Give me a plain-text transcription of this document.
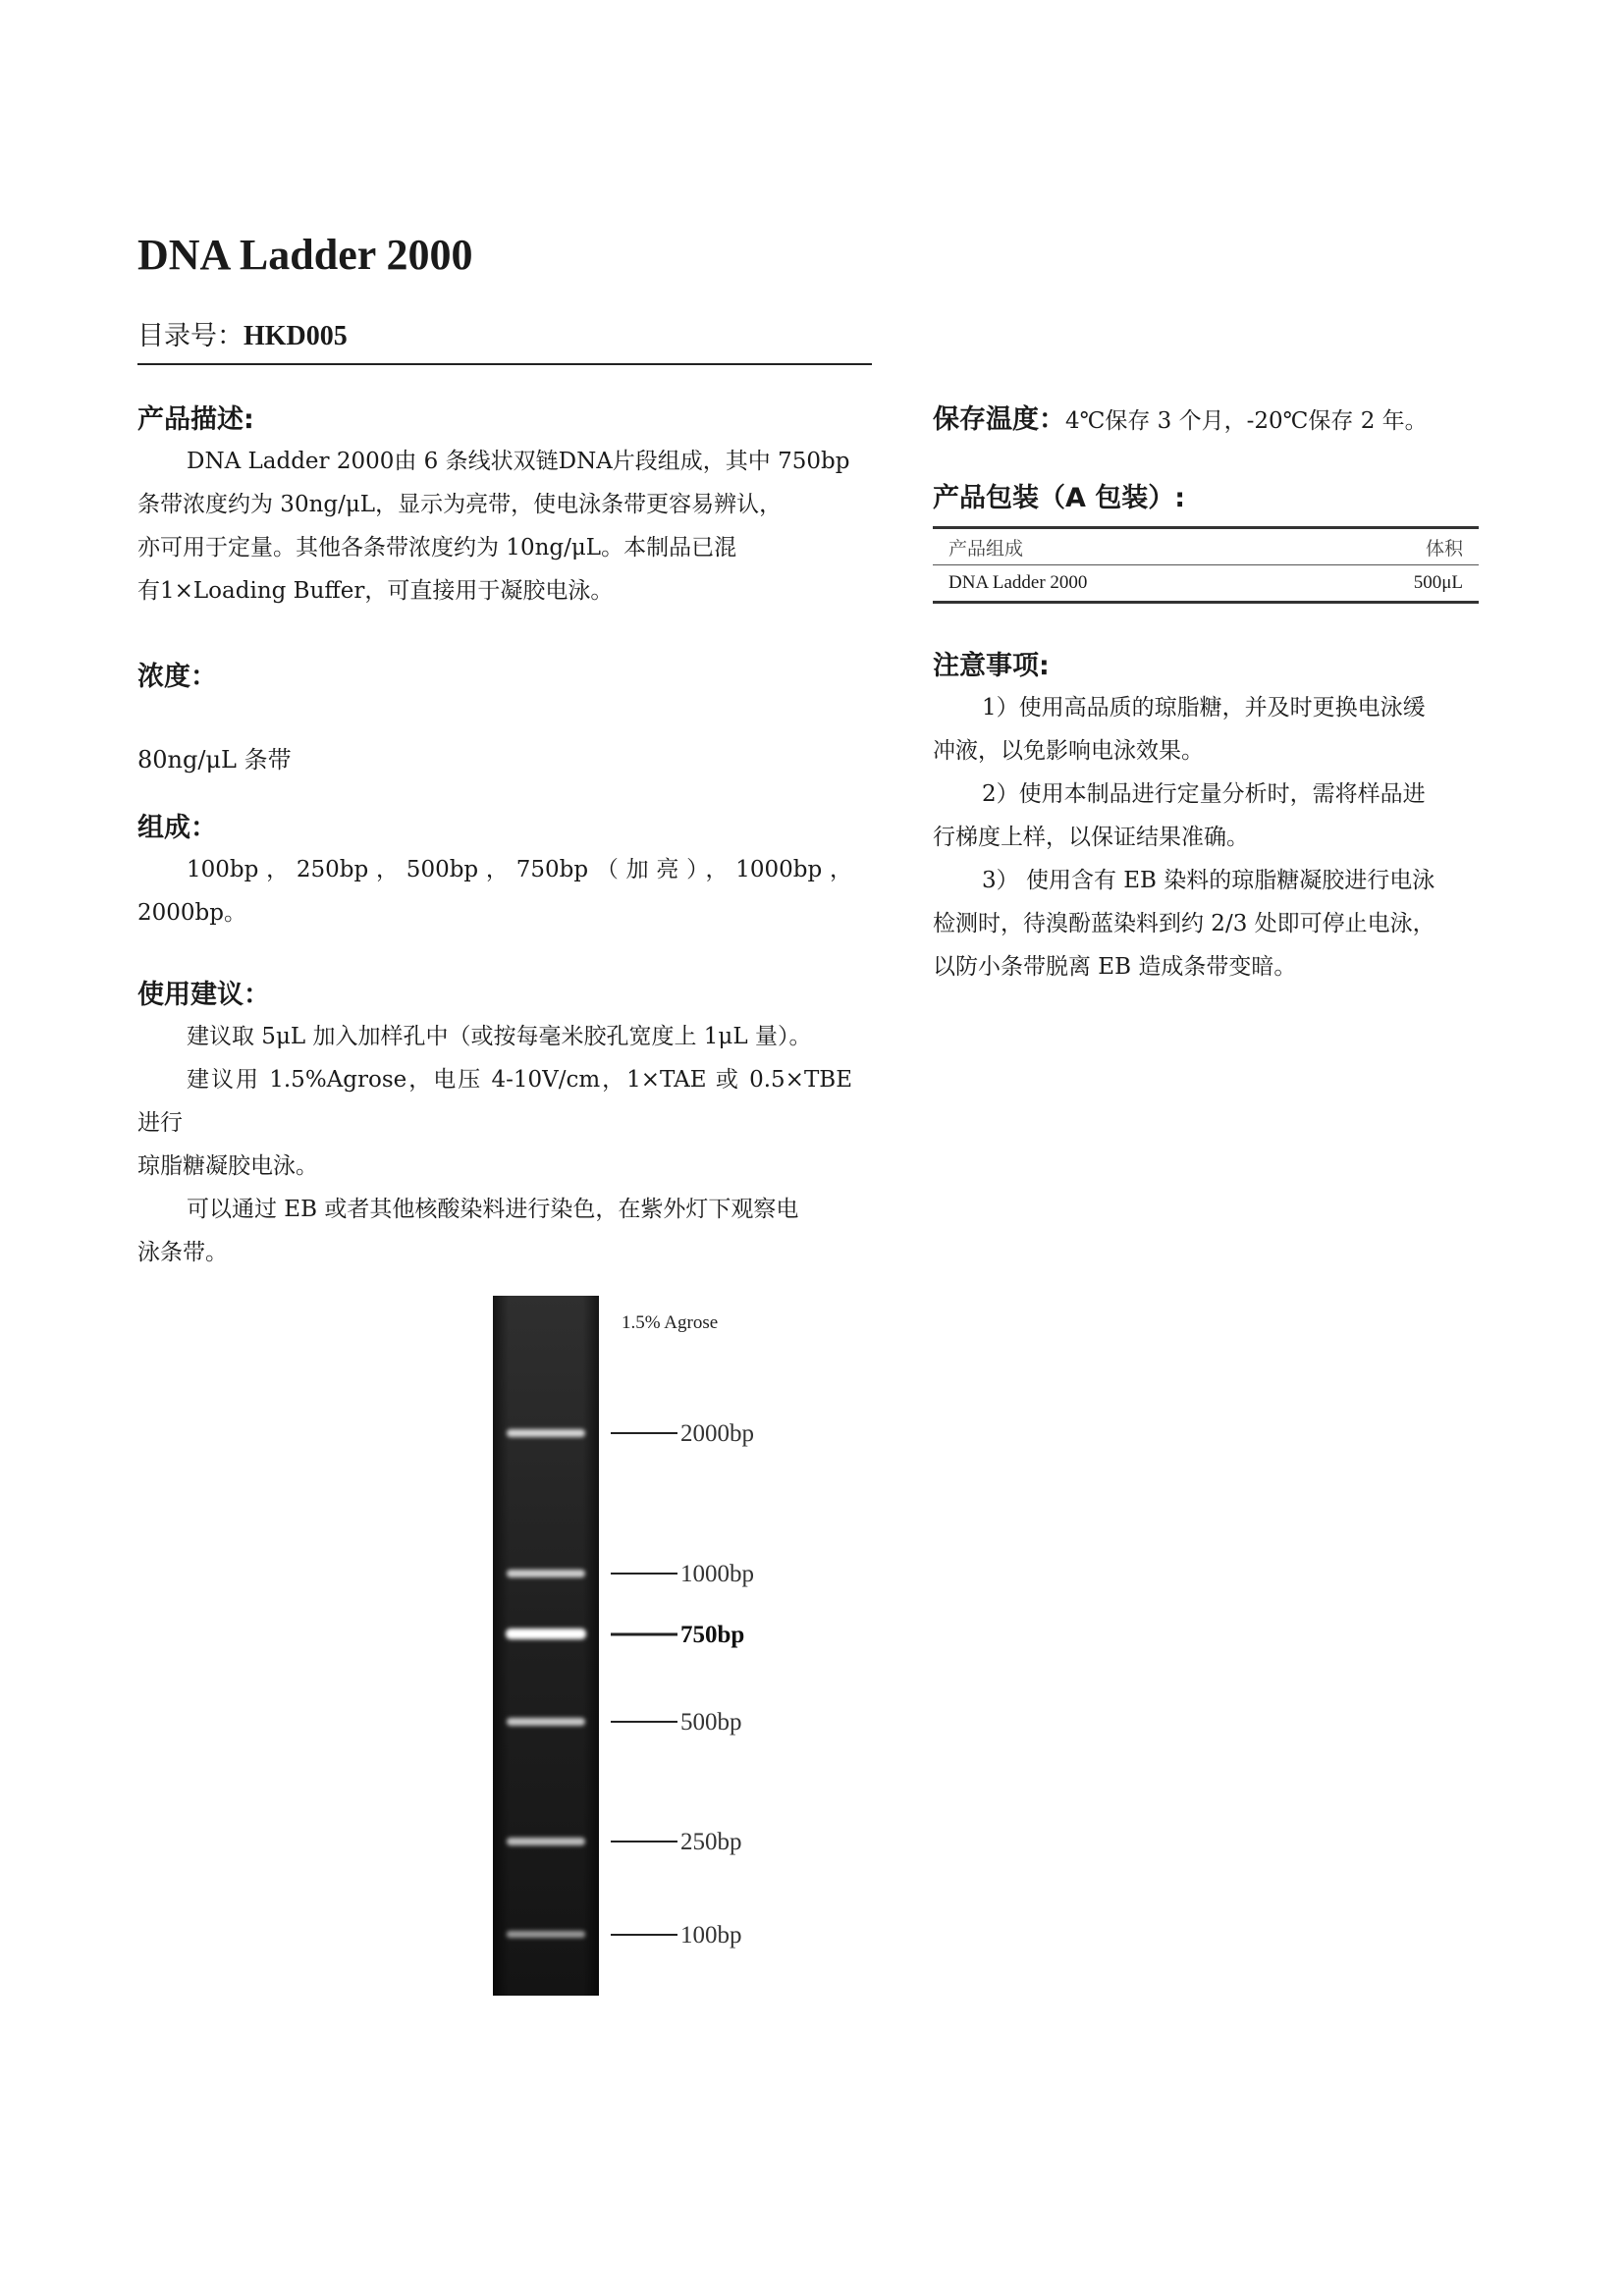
DNA Ladder 2000
目录号：HKD005
产品描述:

DNA Ladder 2000由 6 条线状双链DNA片段组成，其中 750bp

条带浓度约为 30ng/μL，显示为亮带，使电泳条带更容易辨认，

亦可用于定量。其他各条带浓度约为 10ng/μL。本制品已混

有1×Loading Buffer，可直接用于凝胶电泳。

浓度：

80ng/μL 条带

组成：

100bp，250bp，500bp，750bp（加亮），1000bp，2000bp。

使用建议：

建议取 5μL 加入加样孔中（或按每毫米胶孔宽度上 1μL 量）。

建议用 1.5%Agrose，电压 4-10V/cm，1×TAE 或 0.5×TBE 进行

琼脂糖凝胶电泳。

可以通过 EB 或者其他核酸染料进行染色，在紫外灯下观察电

泳条带。

保存温度：4℃保存 3 个月，-20℃保存 2 年。
产品包装（A 包装）:
产品组成	体积
DNA Ladder 2000	500μL
注意事项:

1）使用高品质的琼脂糖，并及时更换电泳缓

冲液，以免影响电泳效果。

2）使用本制品进行定量分析时，需将样品进

行梯度上样，以保证结果准确。

3） 使用含有 EB 染料的琼脂糖凝胶进行电泳

检测时，待溴酚蓝染料到约 2/3 处即可停止电泳，

以防小条带脱离 EB 造成条带变暗。

1.5% Agrose
2000bp
1000bp
750bp
500bp
250bp
100bp
